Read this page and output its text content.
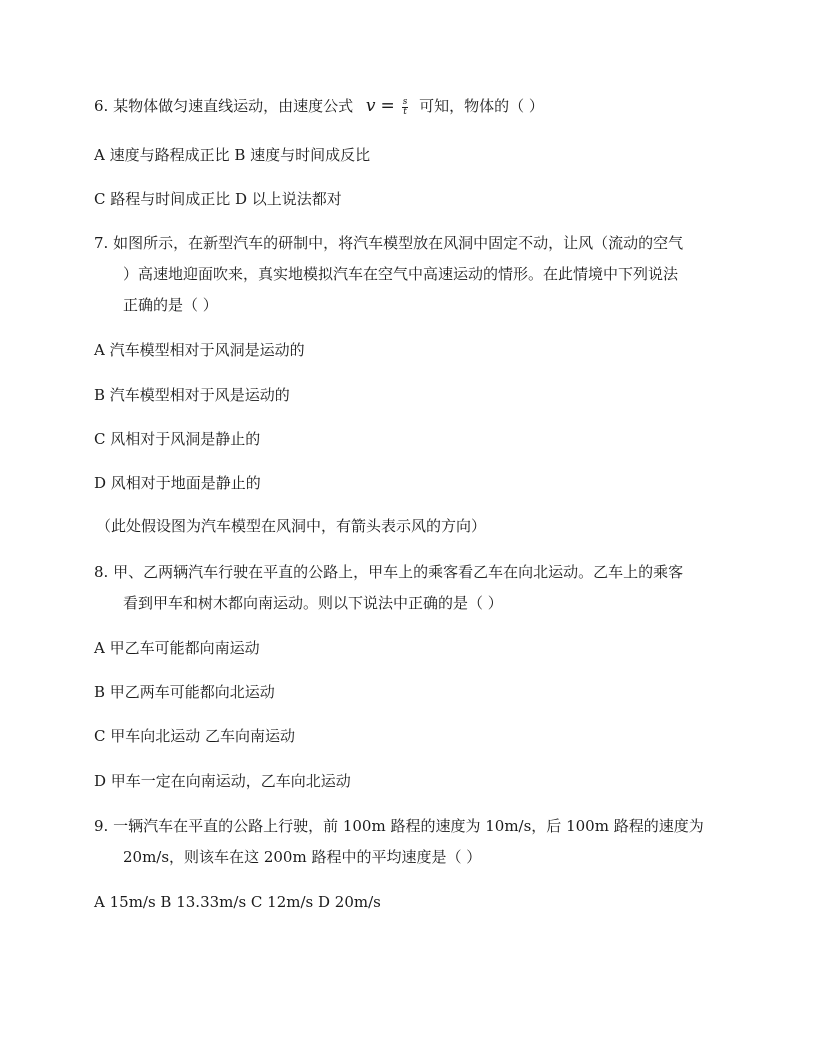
6. 某物体做匀速直线运动，由速度公式 $v = \frac{s}{t}$ 可知，物体的（ ）
A 速度与路程成正比 B 速度与时间成反比
C 路程与时间成正比 D 以上说法都对
7. 如图所示，在新型汽车的研制中，将汽车模型放在风洞中固定不动，让风（流动的空气
）高速地迎面吹来，真实地模拟汽车在空气中高速运动的情形。在此情境中下列说法
正确的是（ ）
A 汽车模型相对于风洞是运动的
B 汽车模型相对于风是运动的
C 风相对于风洞是静止的
D 风相对于地面是静止的
（此处假设图为汽车模型在风洞中，有箭头表示风的方向）
8. 甲、乙两辆汽车行驶在平直的公路上，甲车上的乘客看乙车在向北运动。乙车上的乘客
看到甲车和树木都向南运动。则以下说法中正确的是（ ）
A 甲乙车可能都向南运动
B 甲乙两车可能都向北运动
C 甲车向北运动 乙车向南运动
D 甲车一定在向南运动，乙车向北运动
9. 一辆汽车在平直的公路上行驶，前 100m 路程的速度为 10m/s，后 100m 路程的速度为
20m/s，则该车在这 200m 路程中的平均速度是（ ）
A 15m/s B 13.33m/s C 12m/s D 20m/s
